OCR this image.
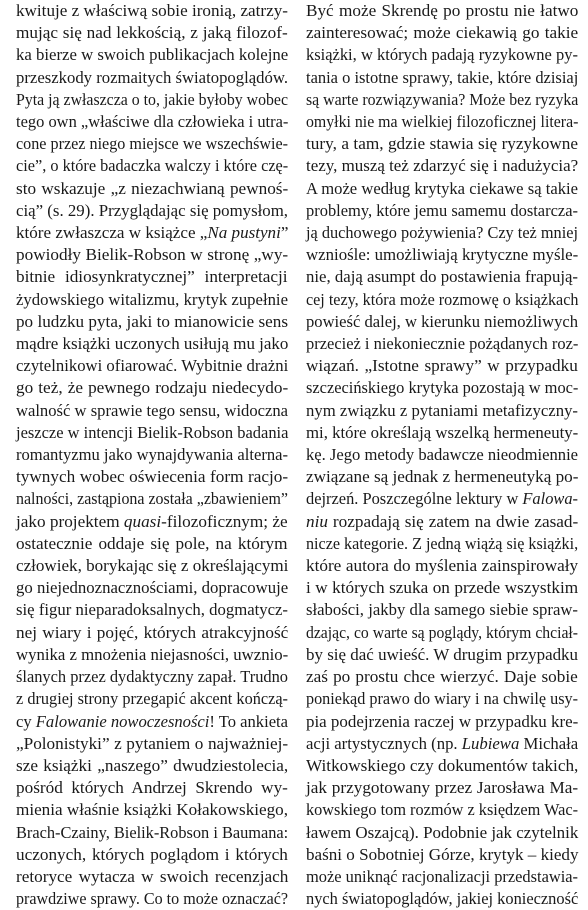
kwituje z właściwą sobie ironią, zatrzy-
mując się nad lekkością, z jaką filozof-
ka bierze w swoich publikacjach kolejne
przeszkody rozmaitych światopoglądów.
Pyta ją zwłaszcza o to, jakie byłoby wobec
tego own „właściwe dla człowieka i utra-
cone przez niego miejsce we wszechświe-
cie”, o które badaczka walczy i które czę-
sto wskazuje „z niezachwianą pewnoś-
cią” (s. 29). Przyglądając się pomysłom,
które zwłaszcza w książce „Na pustyni”
powiodły Bielik-Robson w stronę „wy-
bitnie idiosynkratycznej” interpretacji
żydowskiego witalizmu, krytyk zupełnie
po ludzku pyta, jaki to mianowicie sens
mądre książki uczonych usiłują mu jako
czytelnikowi ofiarować. Wybitnie drażni
go też, że pewnego rodzaju niedecydo-
walność w sprawie tego sensu, widoczna
jeszcze w intencji Bielik-Robson badania
romantyzmu jako wynajdywania alterna-
tywnych wobec oświecenia form racjo-
nalności, zastąpiona została „zbawieniem”
jako projektem quasi-filozoficznym; że
ostatecznie oddaje się pole, na którym
człowiek, borykając się z określającymi
go niejednoznacznościami, dopracowuje
się figur nieparadoksalnych, dogmatycz-
nej wiary i pojęć, których atrakcyjność
wynika z mnożenia niejasności, uwznio-
ślanych przez dydaktyczny zapał. Trudno
z drugiej strony przegapić akcent kończą-
cy Falowanie nowoczesności! To ankieta
„Polonistyki” z pytaniem o najważniej-
sze książki „naszego” dwudziestolecia,
pośród których Andrzej Skrendo wy-
mienia właśnie książki Kołakowskiego,
Brach-Czainy, Bielik-Robson i Baumana:
uczonych, których poglądom i których
retoryce wytacza w swoich recenzjach
prawdziwe sprawy. Co to może oznaczać?
Być może Skrendę po prostu nie łatwo
zainteresować; może ciekawią go takie
książki, w których padają ryzykowne py-
tania o istotne sprawy, takie, które dzisiaj
są warte rozwiązywania? Może bez ryzyka
omyłki nie ma wielkiej filozoficznej litera-
tury, a tam, gdzie stawia się ryzykowne
tezy, muszą też zdarzyć się i nadużycia?
A może według krytyka ciekawe są takie
problemy, które jemu samemu dostarcza-
ją duchowego pożywienia? Czy też mniej
wzniośle: umożliwiają krytyczne myśle-
nie, dają asumpt do postawienia frapują-
cej tezy, która może rozmowę o książkach
powieść dalej, w kierunku niemożliwych
przecież i niekoniecznie pożądanych roz-
wiązań. „Istotne sprawy” w przypadku
szczecińskiego krytyka pozostają w moc-
nym związku z pytaniami metafizyczny-
mi, które określają wszelką hermeneuty-
kę. Jego metody badawcze nieodmiennie
związane są jednak z hermeneutyką po-
dejrzeń. Poszczególne lektury w Falowa-
niu rozpadają się zatem na dwie zasad-
nicze kategorie. Z jedną wiążą się książki,
które autora do myślenia zainspirowały
i w których szuka on przede wszystkim
słabości, jakby dla samego siebie spraw-
dzając, co warte są poglądy, którym chciał-
by się dać uwieść. W drugim przypadku
zaś po prostu chce wierzyć. Daje sobie
poniekąd prawo do wiary i na chwilę usy-
pia podejrzenia raczej w przypadku kre-
acji artystycznych (np. Lubiewa Michała
Witkowskiego czy dokumentów takich,
jak przygotowany przez Jarosława Ma-
kowskiego tom rozmów z księdzem Wac-
ławem Oszajcą). Podobnie jak czytelnik
baśni o Sobotniej Górze, krytyk – kiedy
może uniknąć racjonalizacji przedstawia-
nych światopoglądów, jakiej konieczność
